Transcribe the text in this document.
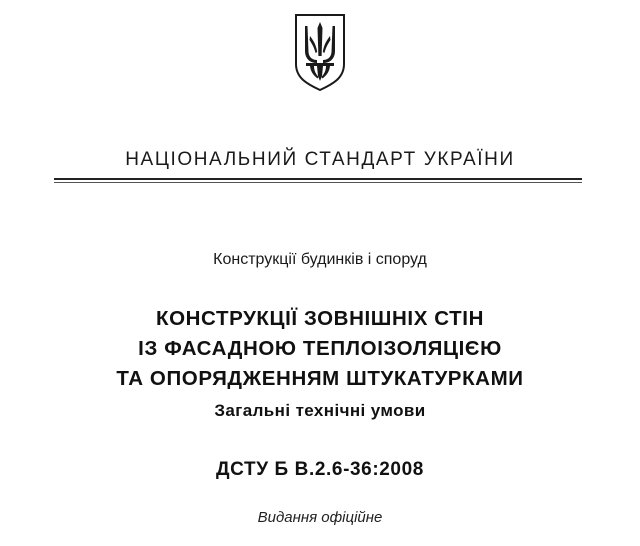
НАЦІОНАЛЬНИЙ СТАНДАРТ УКРАЇНИ
Конструкції будинків і споруд
КОНСТРУКЦІЇ ЗОВНІШНІХ СТІН
ІЗ ФАСАДНОЮ ТЕПЛОІЗОЛЯЦІЄЮ
ТА ОПОРЯДЖЕННЯМ ШТУКАТУРКАМИ
Загальні технічні умови
ДСТУ Б В.2.6-36:2008
Видання офіційне
